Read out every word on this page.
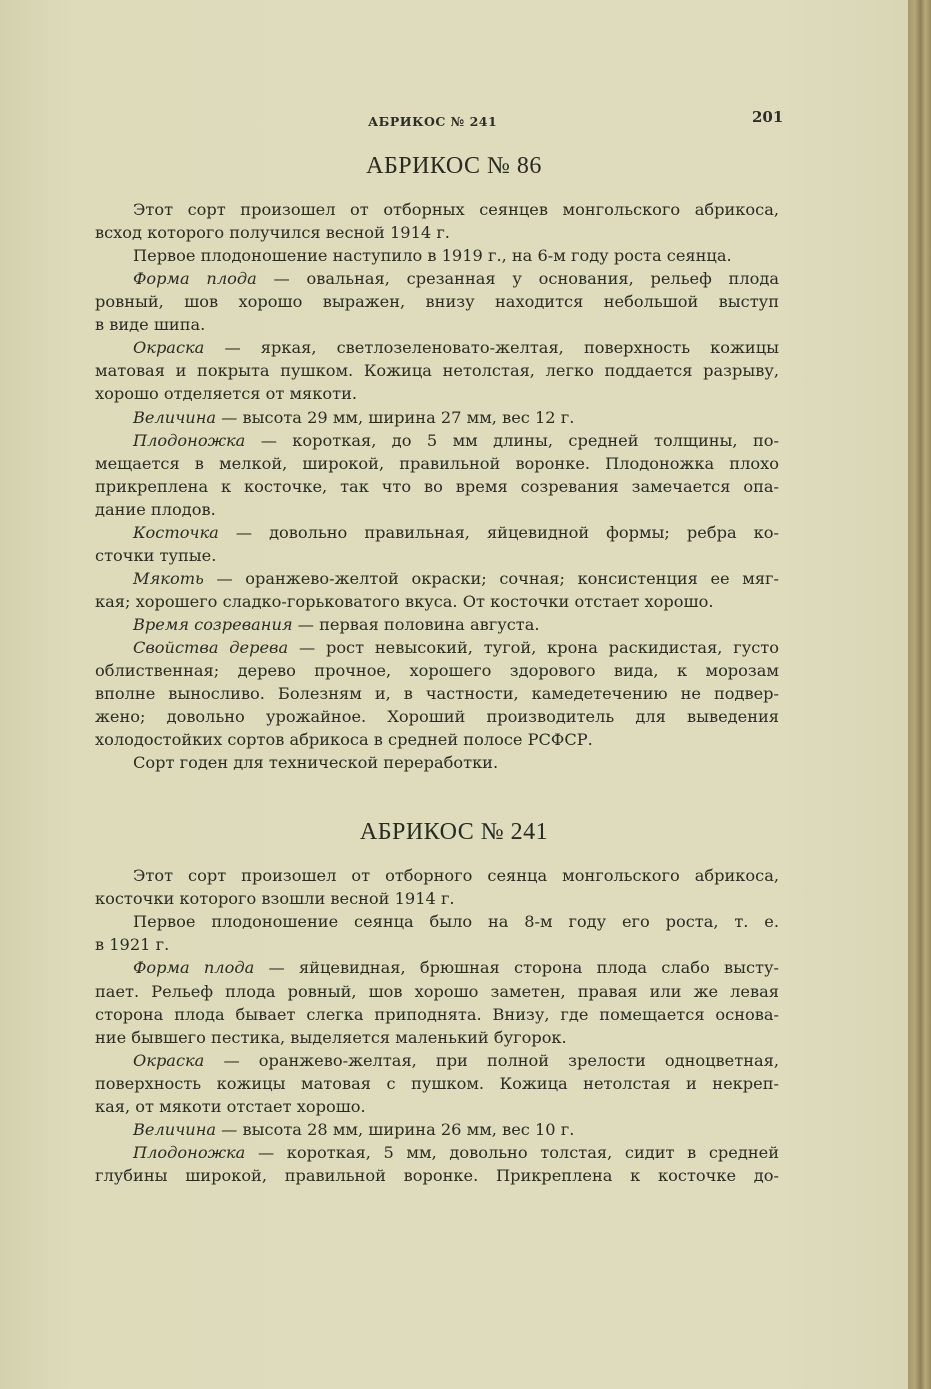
АБРИКОС № 241	201
АБРИКОС № 86
Этот сорт произошел от отборных сеянцев монгольского абрикоса,
всход которого получился весной 1914 г.
Первое плодоношение наступило в 1919 г., на 6-м году роста сеянца.
Форма плода — овальная, срезанная у основания, рельеф плода
ровный, шов хорошо выражен, внизу находится небольшой выступ
в виде шипа.
Окраска — яркая, светлозеленовато-желтая, поверхность кожицы
матовая и покрыта пушком. Кожица нетолстая, легко поддается разрыву,
хорошо отделяется от мякоти.
Величина — высота 29 мм, ширина 27 мм, вес 12 г.
Плодоножка — короткая, до 5 мм длины, средней толщины, по-
мещается в мелкой, широкой, правильной воронке. Плодоножка плохо
прикреплена к косточке, так что во время созревания замечается опа-
дание плодов.
Косточка — довольно правильная, яйцевидной формы; ребра ко-
сточки тупые.
Мякоть — оранжево-желтой окраски; сочная; консистенция ее мяг-
кая; хорошего сладко-горьковатого вкуса. От косточки отстает хорошо.
Время созревания — первая половина августа.
Свойства дерева — рост невысокий, тугой, крона раскидистая, густо
облиственная; дерево прочное, хорошего здорового вида, к морозам
вполне выносливо. Болезням и, в частности, камедетечению не подвер-
жено; довольно урожайное. Хороший производитель для выведения
холодостойких сортов абрикоса в средней полосе РСФСР.
Сорт годен для технической переработки.
АБРИКОС № 241
Этот сорт произошел от отборного сеянца монгольского абрикоса,
косточки которого взошли весной 1914 г.
Первое плодоношение сеянца было на 8-м году его роста, т. е.
в 1921 г.
Форма плода — яйцевидная, брюшная сторона плода слабо высту-
пает. Рельеф плода ровный, шов хорошо заметен, правая или же левая
сторона плода бывает слегка приподнята. Внизу, где помещается основа-
ние бывшего пестика, выделяется маленький бугорок.
Окраска — оранжево-желтая, при полной зрелости одноцветная,
поверхность кожицы матовая с пушком. Кожица нетолстая и некреп-
кая, от мякоти отстает хорошо.
Величина — высота 28 мм, ширина 26 мм, вес 10 г.
Плодоножка — короткая, 5 мм, довольно толстая, сидит в средней
глубины широкой, правильной воронке. Прикреплена к косточке до-
